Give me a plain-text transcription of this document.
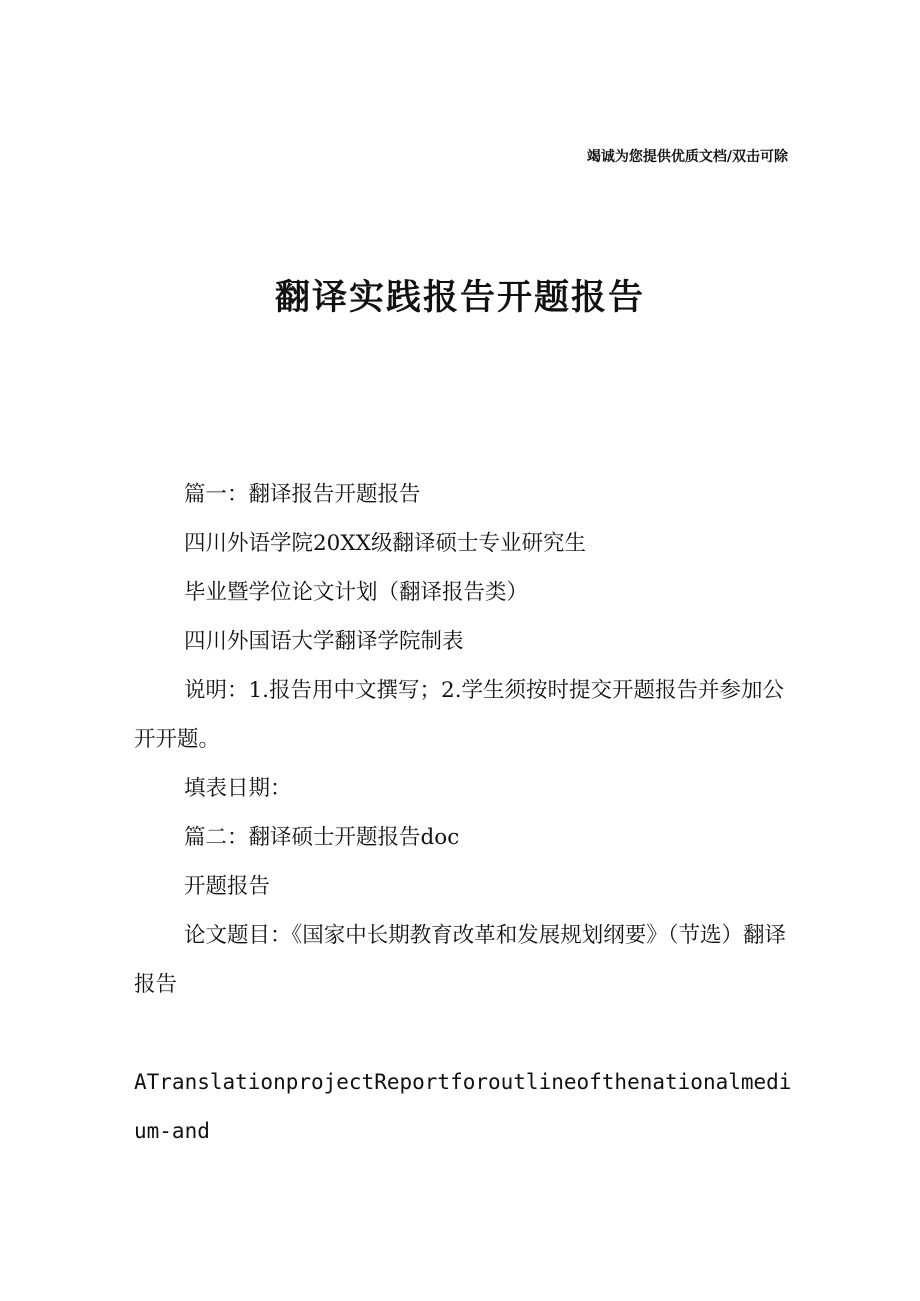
竭诚为您提供优质文档/双击可除
翻译实践报告开题报告

篇一：翻译报告开题报告

四川外语学院20XX级翻译硕士专业研究生

毕业暨学位论文计划（翻译报告类）

四川外国语大学翻译学院制表

说明：1.报告用中文撰写；2.学生须按时提交开题报告并参加公开开题。

填表日期：

篇二：翻译硕士开题报告doc

开题报告

论文题目：《国家中长期教育改革和发展规划纲要》（节选）翻译报告

ATranslationprojectReportforoutlineofthenationalmedium-and
